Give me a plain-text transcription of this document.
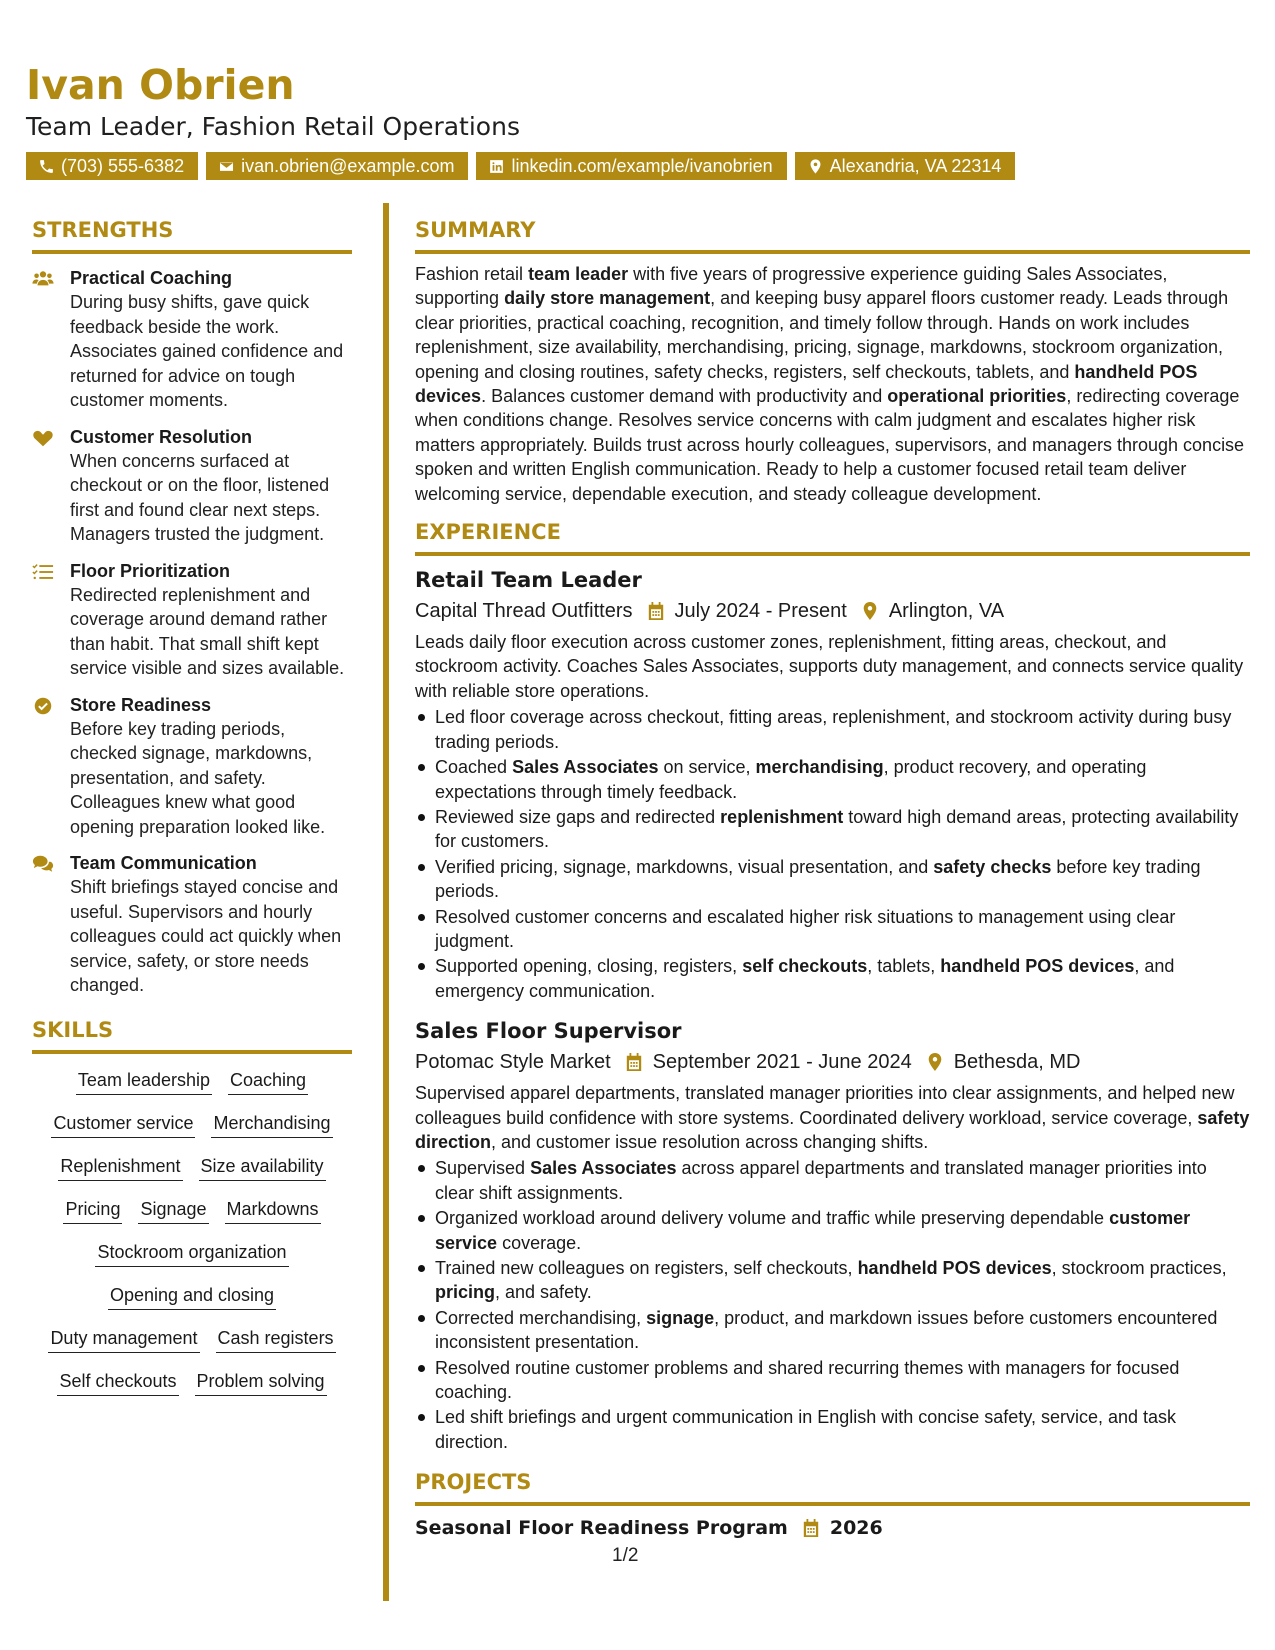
Ivan Obrien
Team Leader, Fashion Retail Operations
(703) 555-6382	ivan.obrien@example.com	linkedin.com/example/ivanobrien	Alexandria, VA 22314
STRENGTHS
Practical Coaching
During busy shifts, gave quick feedback beside the work. Associates gained confidence and returned for advice on tough customer moments.
Customer Resolution
When concerns surfaced at checkout or on the floor, listened first and found clear next steps. Managers trusted the judgment.
Floor Prioritization
Redirected replenishment and coverage around demand rather than habit. That small shift kept service visible and sizes available.
Store Readiness
Before key trading periods, checked signage, markdowns, presentation, and safety. Colleagues knew what good opening preparation looked like.
Team Communication
Shift briefings stayed concise and useful. Supervisors and hourly colleagues could act quickly when service, safety, or store needs changed.
SKILLS
Team leadership Coaching
Customer service Merchandising
Replenishment Size availability
Pricing Signage Markdowns
Stockroom organization
Opening and closing
Duty management Cash registers
Self checkouts Problem solving
SUMMARY
Fashion retail team leader with five years of progressive experience guiding Sales Associates, supporting daily store management, and keeping busy apparel floors customer ready. Leads through clear priorities, practical coaching, recognition, and timely follow through. Hands on work includes replenishment, size availability, merchandising, pricing, signage, markdowns, stockroom organization, opening and closing routines, safety checks, registers, self checkouts, tablets, and handheld POS devices. Balances customer demand with productivity and operational priorities, redirecting coverage when conditions change. Resolves service concerns with calm judgment and escalates higher risk matters appropriately. Builds trust across hourly colleagues, supervisors, and managers through concise spoken and written English communication. Ready to help a customer focused retail team deliver welcoming service, dependable execution, and steady colleague development.
EXPERIENCE
Retail Team Leader
Capital Thread Outfitters July 2024 - Present Arlington, VA
Leads daily floor execution across customer zones, replenishment, fitting areas, checkout, and stockroom activity. Coaches Sales Associates, supports duty management, and connects service quality with reliable store operations.
Led floor coverage across checkout, fitting areas, replenishment, and stockroom activity during busy trading periods.
Coached Sales Associates on service, merchandising, product recovery, and operating expectations through timely feedback.
Reviewed size gaps and redirected replenishment toward high demand areas, protecting availability for customers.
Verified pricing, signage, markdowns, visual presentation, and safety checks before key trading periods.
Resolved customer concerns and escalated higher risk situations to management using clear judgment.
Supported opening, closing, registers, self checkouts, tablets, handheld POS devices, and emergency communication.
Sales Floor Supervisor
Potomac Style Market September 2021 - June 2024 Bethesda, MD
Supervised apparel departments, translated manager priorities into clear assignments, and helped new colleagues build confidence with store systems. Coordinated delivery workload, service coverage, safety direction, and customer issue resolution across changing shifts.
Supervised Sales Associates across apparel departments and translated manager priorities into clear shift assignments.
Organized workload around delivery volume and traffic while preserving dependable customer service coverage.
Trained new colleagues on registers, self checkouts, handheld POS devices, stockroom practices, pricing, and safety.
Corrected merchandising, signage, product, and markdown issues before customers encountered inconsistent presentation.
Resolved routine customer problems and shared recurring themes with managers for focused coaching.
Led shift briefings and urgent communication in English with concise safety, service, and task direction.
PROJECTS
Seasonal Floor Readiness Program 2026
1/2
